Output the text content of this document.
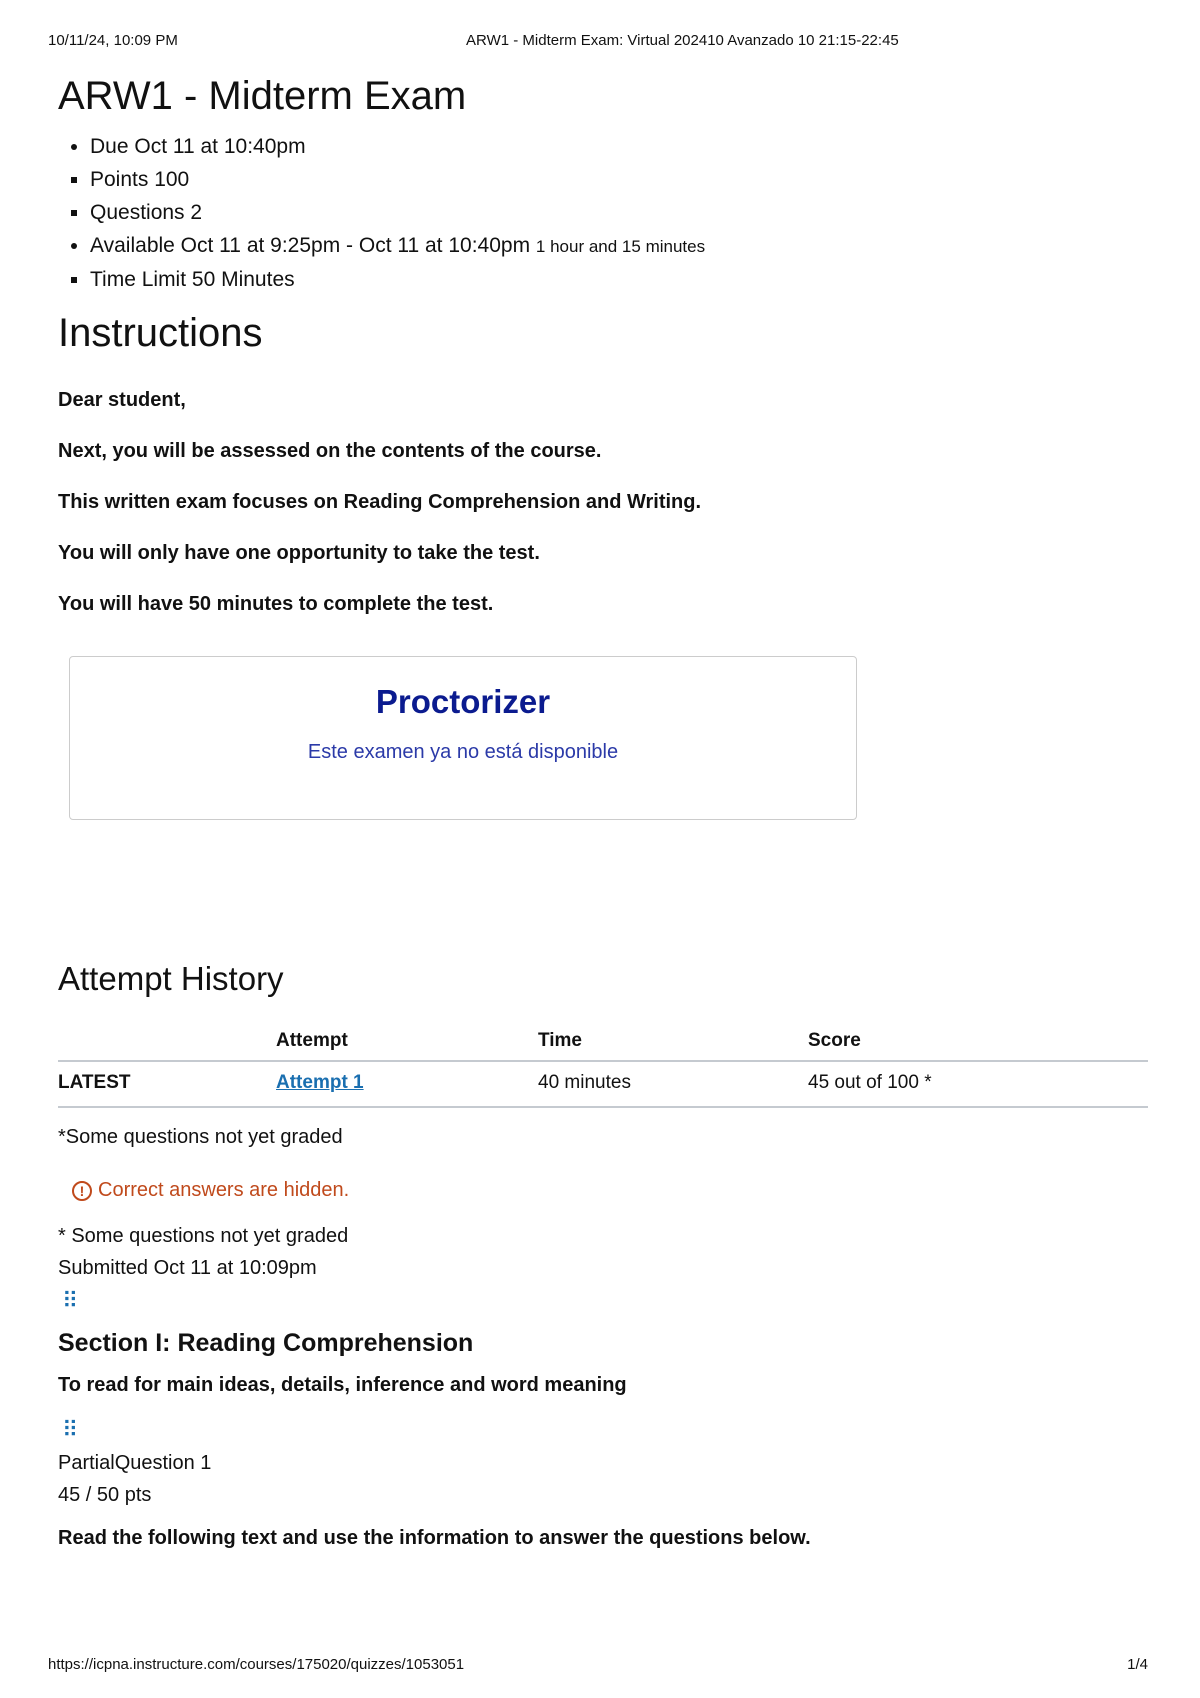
10/11/24, 10:09 PM	ARW1 - Midterm Exam: Virtual 202410 Avanzado 10 21:15-22:45
ARW1 - Midterm Exam
• Due Oct 11 at 10:40pm
▪ Points 100
▪ Questions 2
• Available Oct 11 at 9:25pm - Oct 11 at 10:40pm 1 hour and 15 minutes
▪ Time Limit 50 Minutes
Instructions

Dear student,

Next, you will be assessed on the contents of the course.

This written exam focuses on Reading Comprehension and Writing.

You will only have one opportunity to take the test.

You will have 50 minutes to complete the test.

Proctorizer
Este examen ya no está disponible
Attempt History
	Attempt	Time	Score
LATEST	Attempt 1	40 minutes	45 out of 100 *
*Some questions not yet graded
! Correct answers are hidden.
* Some questions not yet graded
Submitted Oct 11 at 10:09pm
⠿
Section I: Reading Comprehension
To read for main ideas, details, inference and word meaning
⠿
PartialQuestion 1
45 / 50 pts
Read the following text and use the information to answer the questions below.
https://icpna.instructure.com/courses/175020/quizzes/1053051	1/4
